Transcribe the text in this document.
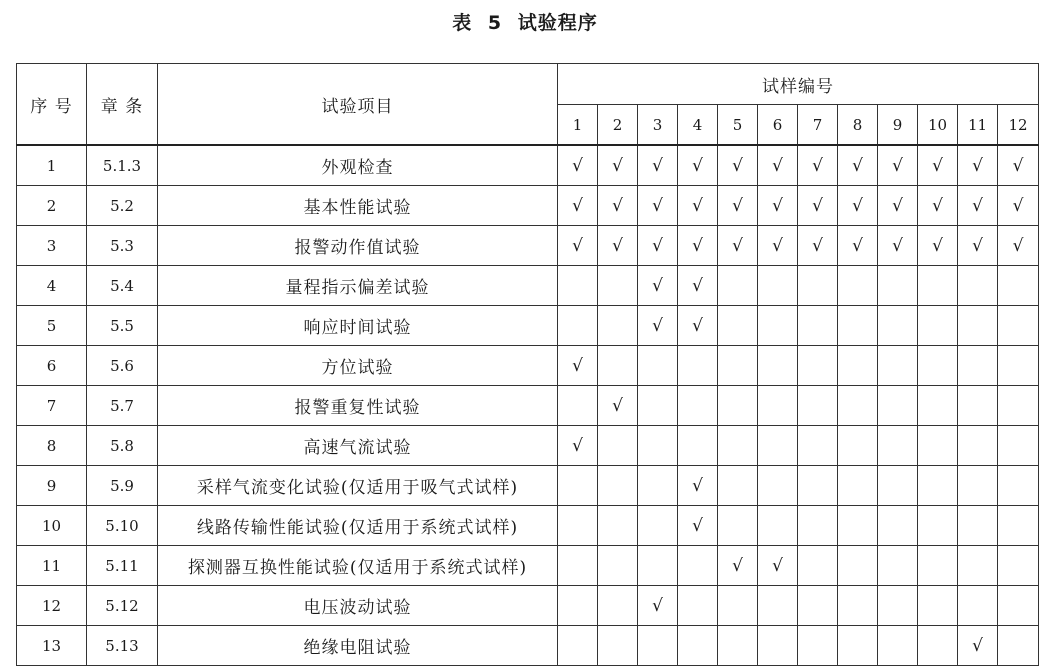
表 5 试验程序
序 号	章 条	试验项目	试样编号											
			1	2	3	4	5	6	7	8	9	10	11	12
1	5.1.3	外观检查	√	√	√	√	√	√	√	√	√	√	√	√
2	5.2	基本性能试验	√	√	√	√	√	√	√	√	√	√	√	√
3	5.3	报警动作值试验	√	√	√	√	√	√	√	√	√	√	√	√
4	5.4	量程指示偏差试验			√	√								
5	5.5	响应时间试验			√	√								
6	5.6	方位试验	√											
7	5.7	报警重复性试验		√										
8	5.8	高速气流试验	√											
9	5.9	采样气流变化试验(仅适用于吸气式试样)				√								
10	5.10	线路传输性能试验(仅适用于系统式试样)				√								
11	5.11	探测器互换性能试验(仅适用于系统式试样)					√	√						
12	5.12	电压波动试验			√									
13	5.13	绝缘电阻试验											√	
